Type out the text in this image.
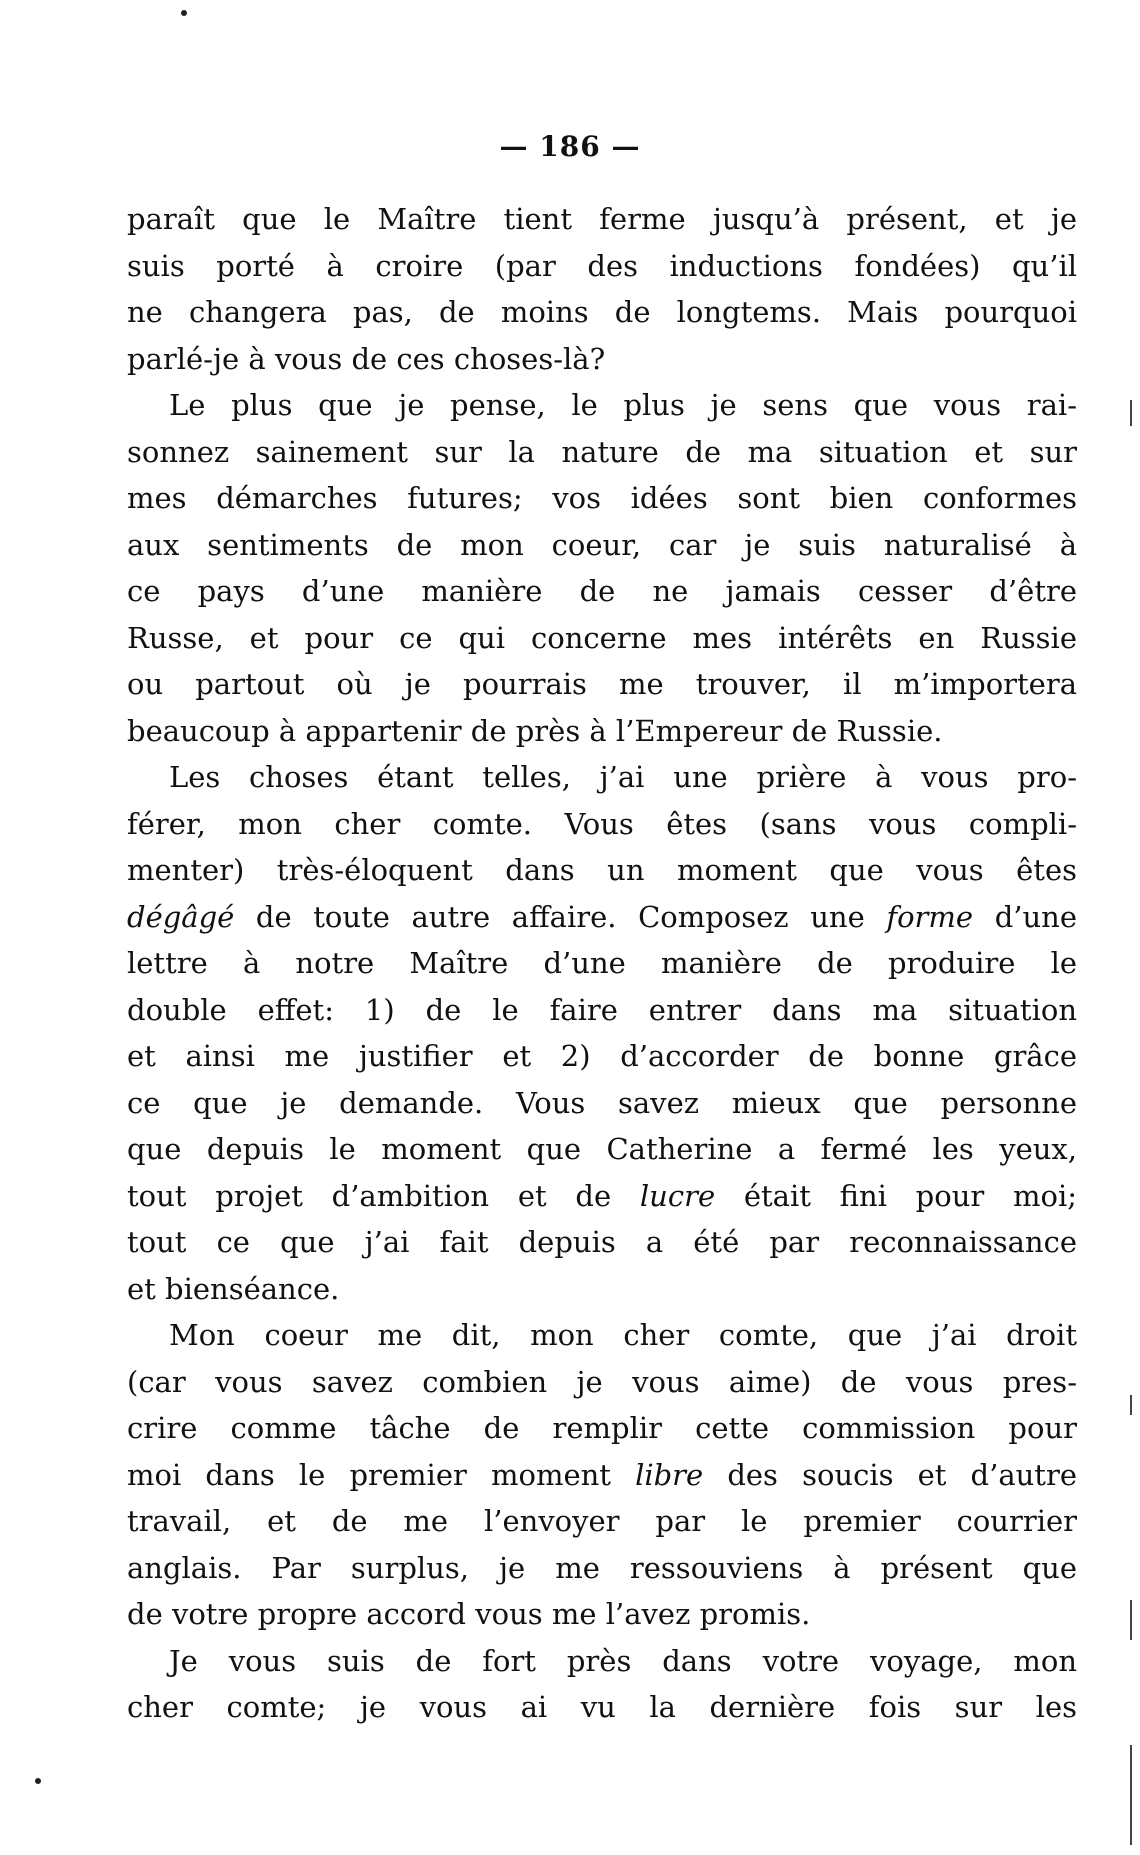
— 186 —
paraît que le Maître tient ferme jusqu’à présent, et je
suis porté à croire (par des inductions fondées) qu’il
ne changera pas, de moins de longtems. Mais pourquoi
parlé-je à vous de ces choses-là?
Le plus que je pense, le plus je sens que vous rai-
sonnez sainement sur la nature de ma situation et sur
mes démarches futures; vos idées sont bien conformes
aux sentiments de mon coeur, car je suis naturalisé à
ce pays d’une manière de ne jamais cesser d’être
Russe, et pour ce qui concerne mes intérêts en Russie
ou partout où je pourrais me trouver, il m’importera
beaucoup à appartenir de près à l’Empereur de Russie.
Les choses étant telles, j’ai une prière à vous pro-
férer, mon cher comte. Vous êtes (sans vous compli-
menter) très-éloquent dans un moment que vous êtes
dégâgé de toute autre affaire. Composez une forme d’une
lettre à notre Maître d’une manière de produire le
double effet: 1) de le faire entrer dans ma situation
et ainsi me justifier et 2) d’accorder de bonne grâce
ce que je demande. Vous savez mieux que personne
que depuis le moment que Catherine a fermé les yeux,
tout projet d’ambition et de lucre était fini pour moi;
tout ce que j’ai fait depuis a été par reconnaissance
et bienséance.
Mon coeur me dit, mon cher comte, que j’ai droit
(car vous savez combien je vous aime) de vous pres-
crire comme tâche de remplir cette commission pour
moi dans le premier moment libre des soucis et d’autre
travail, et de me l’envoyer par le premier courrier
anglais. Par surplus, je me ressouviens à présent que
de votre propre accord vous me l’avez promis.
Je vous suis de fort près dans votre voyage, mon
cher comte; je vous ai vu la dernière fois sur les
